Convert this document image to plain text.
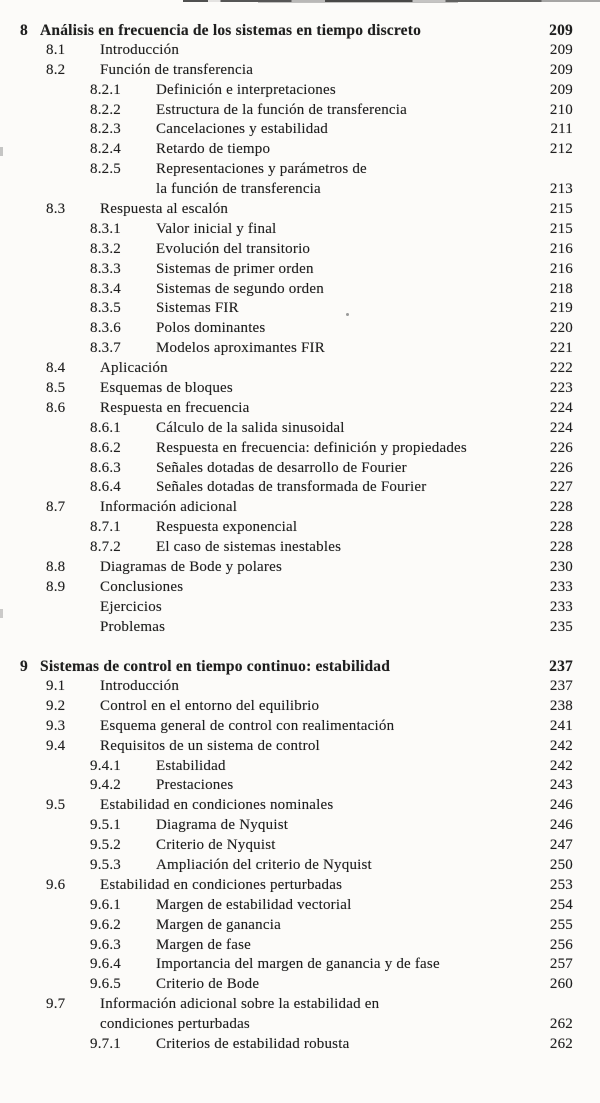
8 Análisis en frecuencia de los sistemas en tiempo discreto	209
8.1	Introducción	209
8.2	Función de transferencia	209
8.2.1	Definición e interpretaciones	209
8.2.2	Estructura de la función de transferencia	210
8.2.3	Cancelaciones y estabilidad	211
8.2.4	Retardo de tiempo	212
8.2.5	Representaciones y parámetros de
la función de transferencia	213
8.3	Respuesta al escalón	215
8.3.1	Valor inicial y final	215
8.3.2	Evolución del transitorio	216
8.3.3	Sistemas de primer orden	216
8.3.4	Sistemas de segundo orden	218
8.3.5	Sistemas FIR	219
8.3.6	Polos dominantes	220
8.3.7	Modelos aproximantes FIR	221
8.4	Aplicación	222
8.5	Esquemas de bloques	223
8.6	Respuesta en frecuencia	224
8.6.1	Cálculo de la salida sinusoidal	224
8.6.2	Respuesta en frecuencia: definición y propiedades	226
8.6.3	Señales dotadas de desarrollo de Fourier	226
8.6.4	Señales dotadas de transformada de Fourier	227
8.7	Información adicional	228
8.7.1	Respuesta exponencial	228
8.7.2	El caso de sistemas inestables	228
8.8	Diagramas de Bode y polares	230
8.9	Conclusiones	233
Ejercicios	233
Problemas	235
9 Sistemas de control en tiempo continuo: estabilidad	237
9.1	Introducción	237
9.2	Control en el entorno del equilibrio	238
9.3	Esquema general de control con realimentación	241
9.4	Requisitos de un sistema de control	242
9.4.1	Estabilidad	242
9.4.2	Prestaciones	243
9.5	Estabilidad en condiciones nominales	246
9.5.1	Diagrama de Nyquist	246
9.5.2	Criterio de Nyquist	247
9.5.3	Ampliación del criterio de Nyquist	250
9.6	Estabilidad en condiciones perturbadas	253
9.6.1	Margen de estabilidad vectorial	254
9.6.2	Margen de ganancia	255
9.6.3	Margen de fase	256
9.6.4	Importancia del margen de ganancia y de fase	257
9.6.5	Criterio de Bode	260
9.7	Información adicional sobre la estabilidad en
condiciones perturbadas	262
9.7.1	Criterios de estabilidad robusta	262
